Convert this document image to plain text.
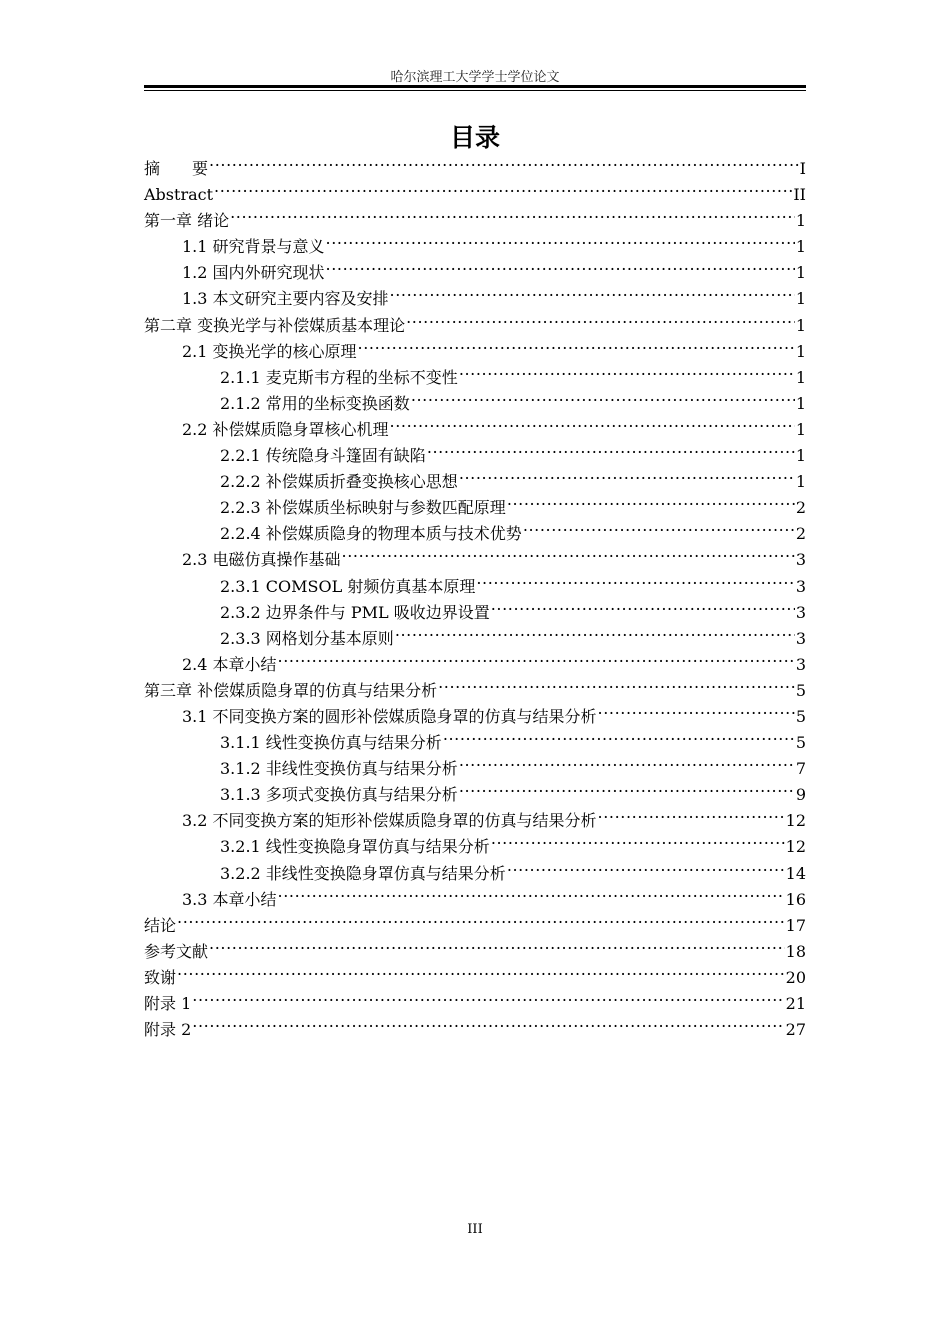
哈尔滨理工大学学士学位论文
目录
摘　　要 .....	I
Abstract .....	II
第一章 绪论 .....	1
1.1 研究背景与意义 .....	1
1.2 国内外研究现状 .....	1
1.3 本文研究主要内容及安排 .....	1
第二章 变换光学与补偿媒质基本理论 .....	1
2.1 变换光学的核心原理 .....	1
2.1.1 麦克斯韦方程的坐标不变性 .....	1
2.1.2 常用的坐标变换函数 .....	1
2.2 补偿媒质隐身罩核心机理 .....	1
2.2.1 传统隐身斗篷固有缺陷 .....	1
2.2.2 补偿媒质折叠变换核心思想 .....	1
2.2.3 补偿媒质坐标映射与参数匹配原理 .....	2
2.2.4 补偿媒质隐身的物理本质与技术优势 .....	2
2.3 电磁仿真操作基础 .....	3
2.3.1 COMSOL 射频仿真基本原理 .....	3
2.3.2 边界条件与 PML 吸收边界设置 .....	3
2.3.3 网格划分基本原则 .....	3
2.4 本章小结 .....	3
第三章 补偿媒质隐身罩的仿真与结果分析 .....	5
3.1 不同变换方案的圆形补偿媒质隐身罩的仿真与结果分析 .....	5
3.1.1 线性变换仿真与结果分析 .....	5
3.1.2 非线性变换仿真与结果分析 .....	7
3.1.3 多项式变换仿真与结果分析 .....	9
3.2 不同变换方案的矩形补偿媒质隐身罩的仿真与结果分析 .....	12
3.2.1 线性变换隐身罩仿真与结果分析 .....	12
3.2.2 非线性变换隐身罩仿真与结果分析 .....	14
3.3 本章小结 .....	16
结论 .....	17
参考文献 .....	18
致谢 .....	20
附录 1 .....	21
附录 2 .....	27
III
